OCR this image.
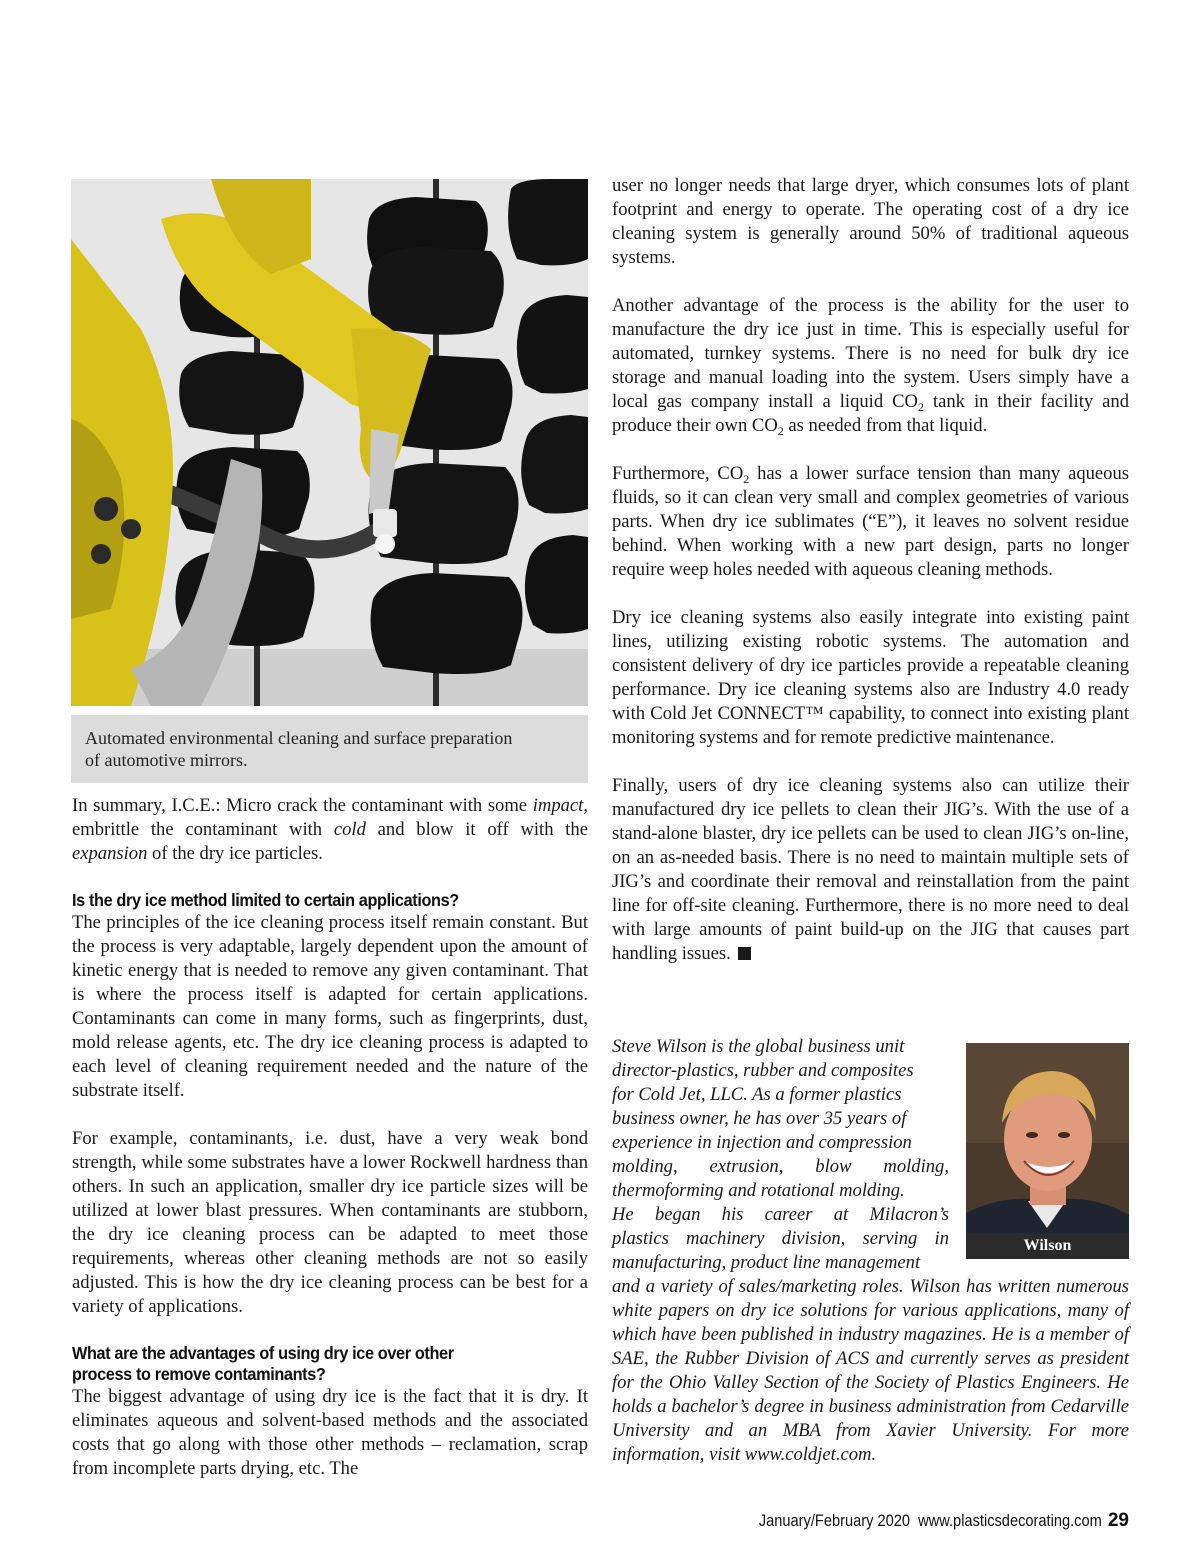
Automated environmental cleaning and surface preparation
of automotive mirrors.

In summary, I.C.E.: Micro crack the contaminant with some impact, embrittle the contaminant with cold and blow it off with the expansion of the dry ice particles.

Is the dry ice method limited to certain applications?

The principles of the ice cleaning process itself remain constant. But the process is very adaptable, largely dependent upon the amount of kinetic energy that is needed to remove any given contaminant. That is where the process itself is adapted for certain applications. Contaminants can come in many forms, such as fingerprints, dust, mold release agents, etc. The dry ice cleaning process is adapted to each level of cleaning requirement needed and the nature of the substrate itself.

For example, contaminants, i.e. dust, have a very weak bond strength, while some substrates have a lower Rockwell hardness than others. In such an application, smaller dry ice particle sizes will be utilized at lower blast pressures. When contaminants are stubborn, the dry ice cleaning process can be adapted to meet those requirements, whereas other cleaning methods are not so easily adjusted. This is how the dry ice cleaning process can be best for a variety of applications.

What are the advantages of using dry ice over other
process to remove contaminants?

The biggest advantage of using dry ice is the fact that it is dry. It eliminates aqueous and solvent-based methods and the associated costs that go along with those other methods – reclamation, scrap from incomplete parts drying, etc. The

user no longer needs that large dryer, which consumes lots of plant footprint and energy to operate. The operating cost of a dry ice cleaning system is generally around 50% of traditional aqueous systems.

Another advantage of the process is the ability for the user to manufacture the dry ice just in time. This is especially useful for automated, turnkey systems. There is no need for bulk dry ice storage and manual loading into the system. Users simply have a local gas company install a liquid $CO_2$ tank in their facility and produce their own $CO_2$ as needed from that liquid.

Furthermore, $CO_2$ has a lower surface tension than many aqueous fluids, so it can clean very small and complex geometries of various parts. When dry ice sublimates (“E”), it leaves no solvent residue behind. When working with a new part design, parts no longer require weep holes needed with aqueous cleaning methods.

Dry ice cleaning systems also easily integrate into existing paint lines, utilizing existing robotic systems. The automation and consistent delivery of dry ice particles provide a repeatable cleaning performance. Dry ice cleaning systems also are Industry 4.0 ready with Cold Jet CONNECT™ capability, to connect into existing plant monitoring systems and for remote predictive maintenance.

Finally, users of dry ice cleaning systems also can utilize their manufactured dry ice pellets to clean their JIG’s. With the use of a stand-alone blaster, dry ice pellets can be used to clean JIG’s on-line, on an as-needed basis. There is no need to maintain multiple sets of JIG’s and coordinate their removal and reinstallation from the paint line for off-site cleaning. Furthermore, there is no more need to deal with large amounts of paint build-up on the JIG that causes part handling issues.

Steve Wilson is the global business unit
director-plastics, rubber and composites
for Cold Jet, LLC. As a former plastics
business owner, he has over 35 years of
experience in injection and compression
molding, extrusion, blow molding,
thermoforming and rotational molding.
He began his career at Milacron’s
plastics machinery division, serving in
manufacturing, product line management
Wilson
and a variety of sales/marketing roles. Wilson has written numerous white papers on dry ice solutions for various applications, many of which have been published in industry magazines. He is a member of SAE, the Rubber Division of ACS and currently serves as president for the Ohio Valley Section of the Society of Plastics Engineers. He holds a bachelor’s degree in business administration from Cedarville University and an MBA from Xavier University. For more information, visit www.coldjet.com.
January/February 2020 www.plasticsdecorating.com 29
